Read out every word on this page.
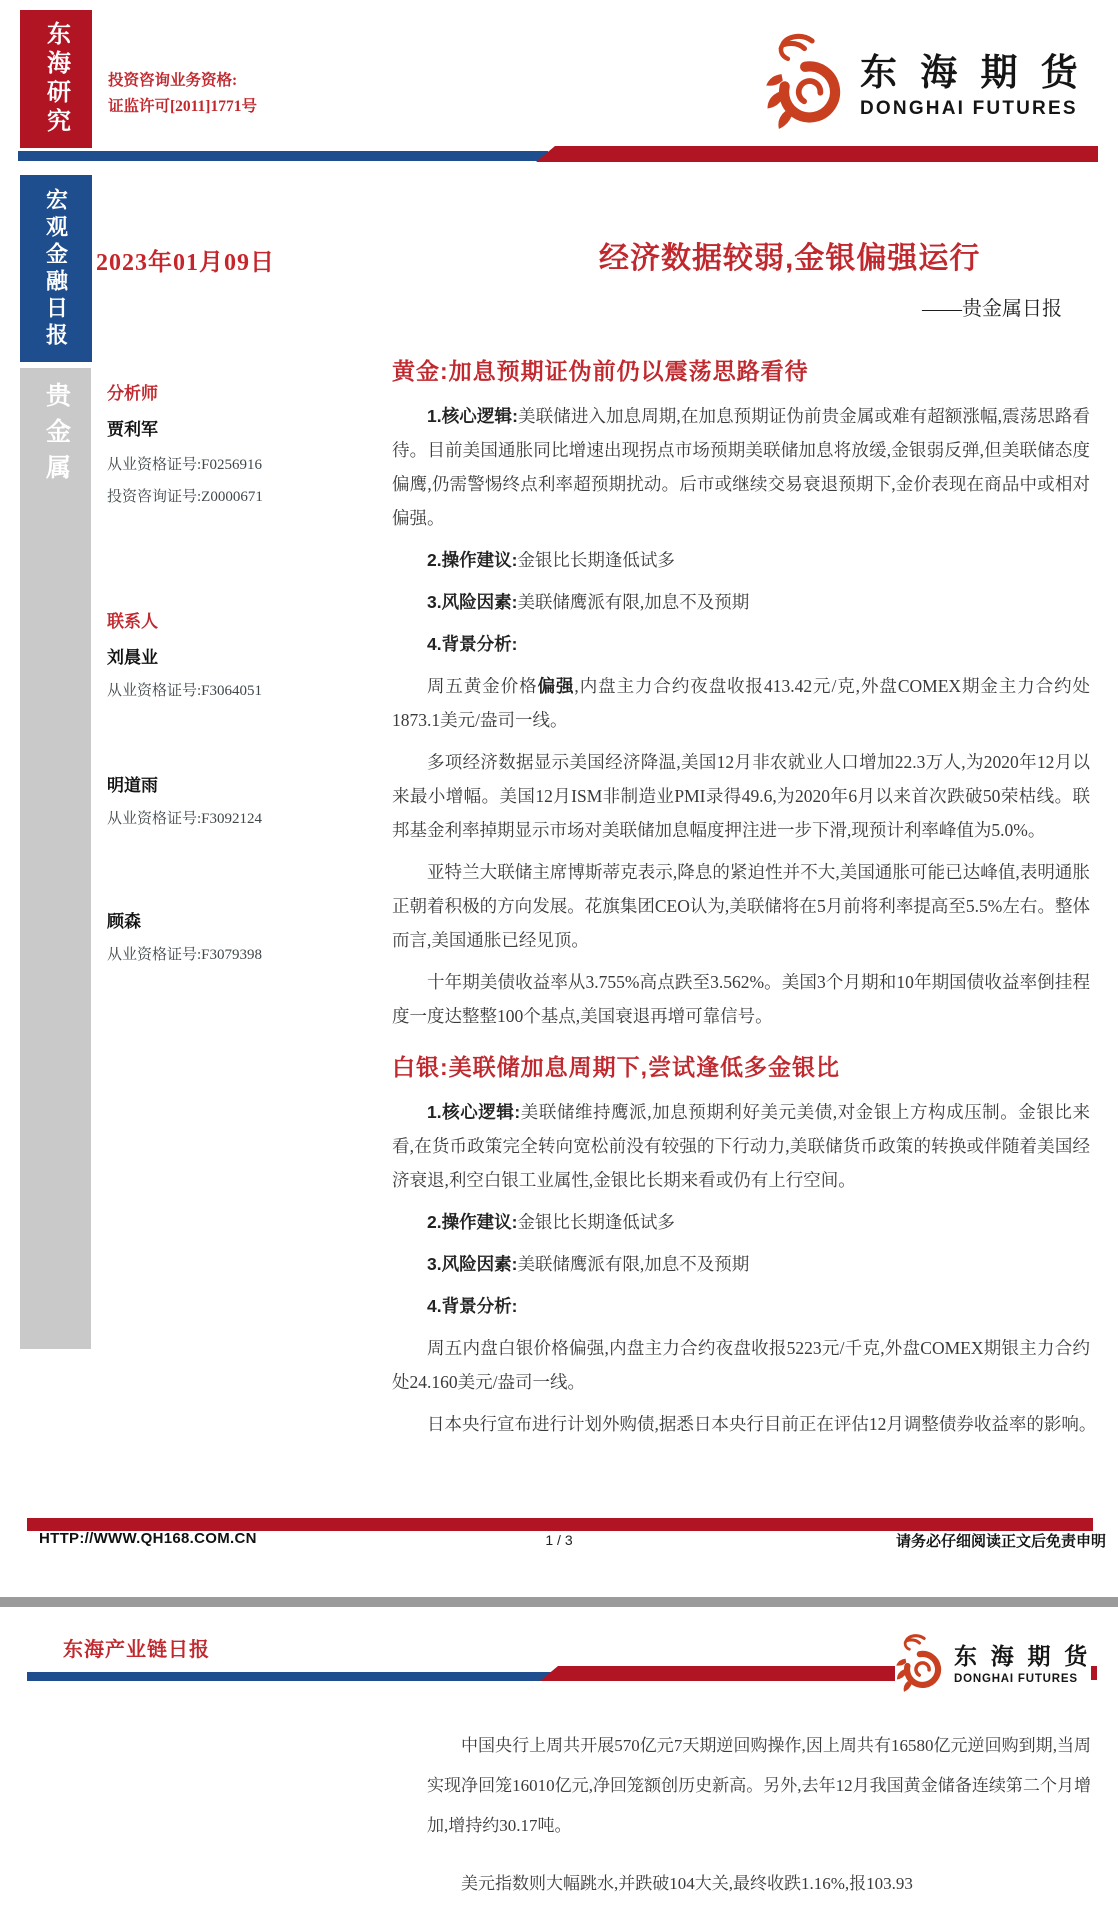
东海研究	投资咨询业务资格:
证监许可[2011]1771号
东 海 期 货
DONGHAI FUTURES
宏观金融日报
贵金属
2023年01月09日	经济数据较弱,金银偏强运行
——贵金属日报
分析师
贾利军
从业资格证号:F0256916
投资咨询证号:Z0000671
联系人
刘晨业
从业资格证号:F3064051
明道雨
从业资格证号:F3092124
顾森
从业资格证号:F3079398
黄金:加息预期证伪前仍以震荡思路看待

1.核心逻辑:美联储进入加息周期,在加息预期证伪前贵金属或难有超额涨幅,震荡思路看待。目前美国通胀同比增速出现拐点市场预期美联储加息将放缓,金银弱反弹,但美联储态度偏鹰,仍需警惕终点利率超预期扰动。后市或继续交易衰退预期下,金价表现在商品中或相对偏强。

2.操作建议:金银比长期逢低试多

3.风险因素:美联储鹰派有限,加息不及预期

4.背景分析:

周五黄金价格偏强,内盘主力合约夜盘收报413.42元/克,外盘COMEX期金主力合约处1873.1美元/盎司一线。

多项经济数据显示美国经济降温,美国12月非农就业人口增加22.3万人,为2020年12月以来最小增幅。美国12月ISM非制造业PMI录得49.6,为2020年6月以来首次跌破50荣枯线。联邦基金利率掉期显示市场对美联储加息幅度押注进一步下滑,现预计利率峰值为5.0%。

亚特兰大联储主席博斯蒂克表示,降息的紧迫性并不大,美国通胀可能已达峰值,表明通胀正朝着积极的方向发展。花旗集团CEO认为,美联储将在5月前将利率提高至5.5%左右。整体而言,美国通胀已经见顶。

十年期美债收益率从3.755%高点跌至3.562%。美国3个月期和10年期国债收益率倒挂程度一度达整整100个基点,美国衰退再增可靠信号。

白银:美联储加息周期下,尝试逢低多金银比

1.核心逻辑:美联储维持鹰派,加息预期利好美元美债,对金银上方构成压制。金银比来看,在货币政策完全转向宽松前没有较强的下行动力,美联储货币政策的转换或伴随着美国经济衰退,利空白银工业属性,金银比长期来看或仍有上行空间。

2.操作建议:金银比长期逢低试多

3.风险因素:美联储鹰派有限,加息不及预期

4.背景分析:

周五内盘白银价格偏强,内盘主力合约夜盘收报5223元/千克,外盘COMEX期银主力合约处24.160美元/盎司一线。

日本央行宣布进行计划外购债,据悉日本央行目前正在评估12月调整债券收益率的影响。

HTTP://WWW.QH168.COM.CN	1 / 3	请务必仔细阅读正文后免责申明
东海产业链日报	东 海 期 货
DONGHAI FUTURES

中国央行上周共开展570亿元7天期逆回购操作,因上周共有16580亿元逆回购到期,当周实现净回笼16010亿元,净回笼额创历史新高。另外,去年12月我国黄金储备连续第二个月增加,增持约30.17吨。

美元指数则大幅跳水,并跌破104大关,最终收跌1.16%,报103.93
